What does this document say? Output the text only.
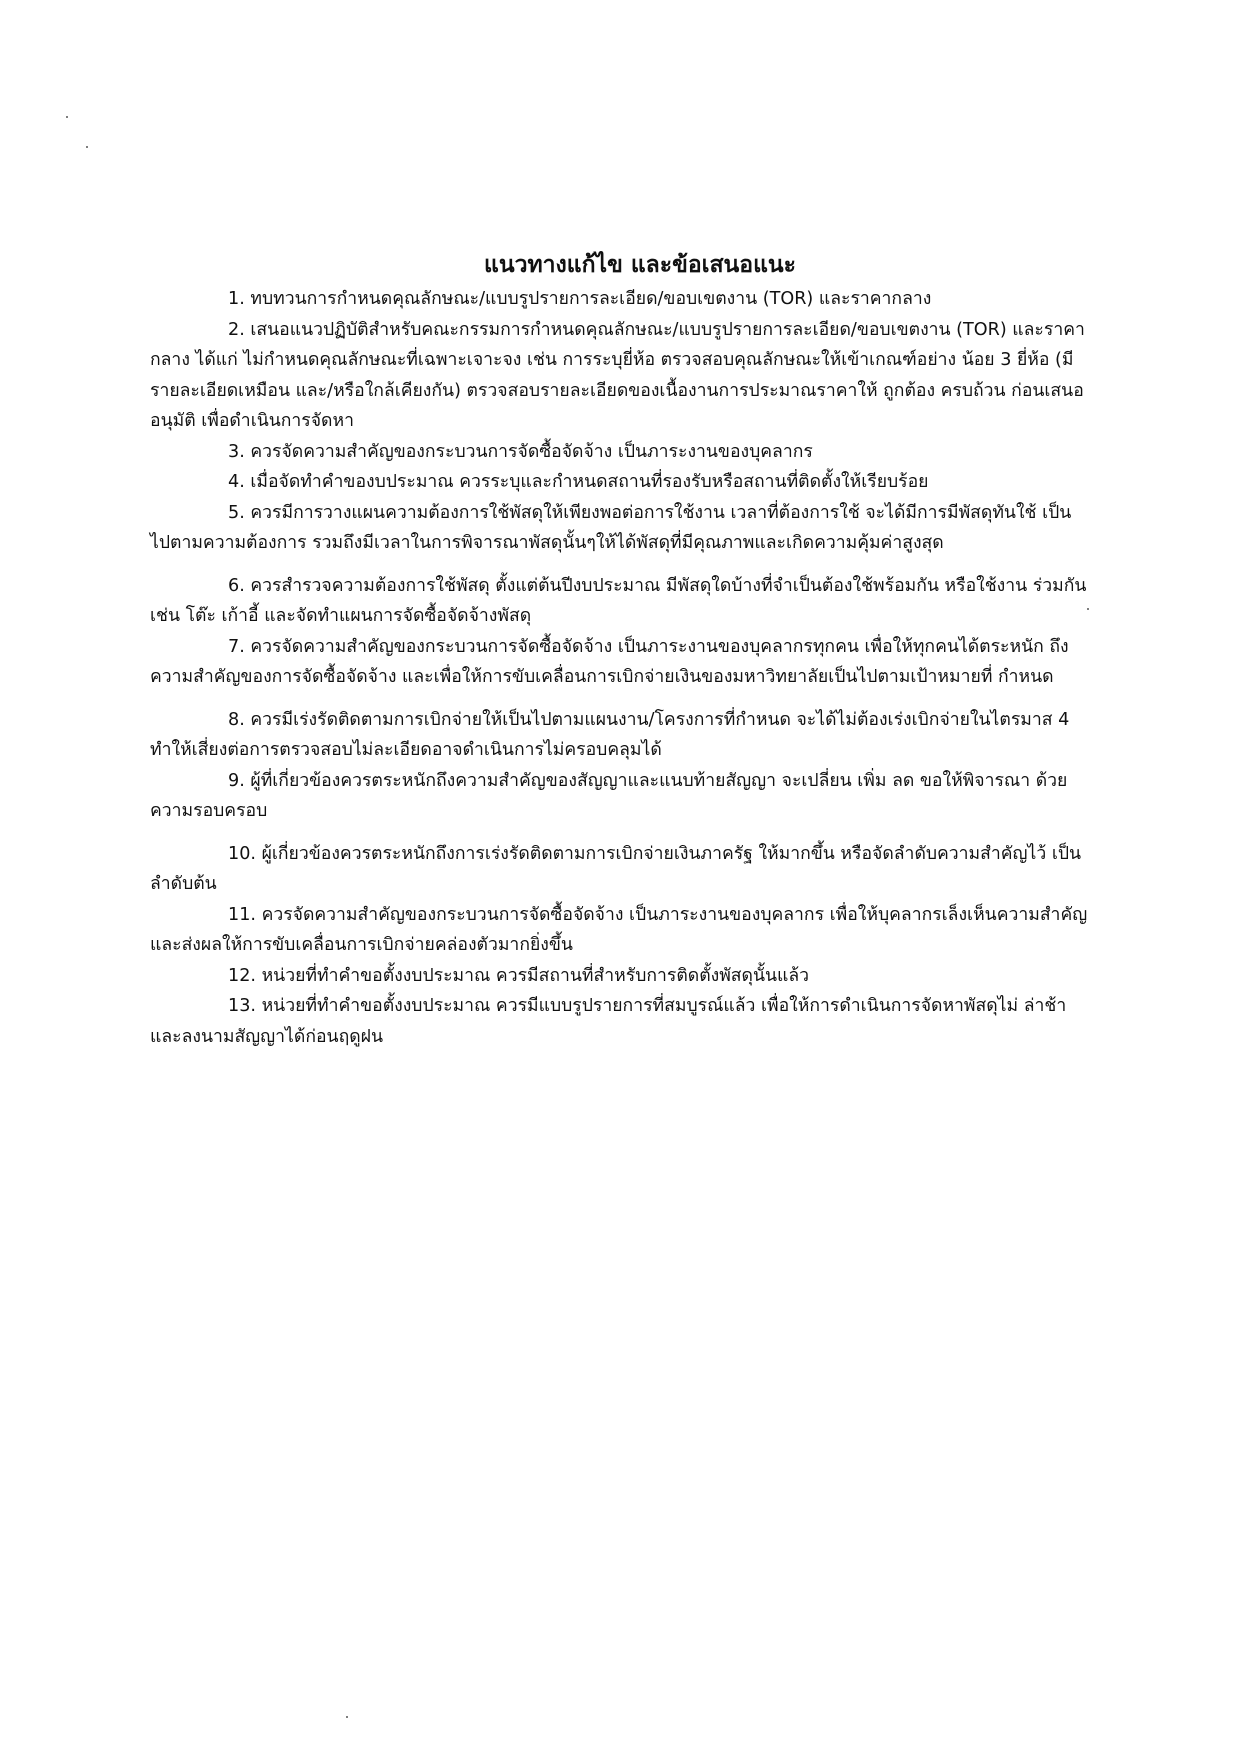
แนวทางแก้ไข และข้อเสนอแนะ

1. ทบทวนการกำหนดคุณลักษณะ/แบบรูปรายการละเอียด/ขอบเขตงาน (TOR) และราคากลาง

2. เสนอแนวปฏิบัติสำหรับคณะกรรมการกำหนดคุณลักษณะ/แบบรูปรายการละเอียด/ขอบเขตงาน (TOR) และราคากลาง ได้แก่ ไม่กำหนดคุณลักษณะที่เฉพาะเจาะจง เช่น การระบุยี่ห้อ ตรวจสอบคุณลักษณะให้เข้าเกณฑ์อย่าง น้อย 3 ยี่ห้อ (มีรายละเอียดเหมือน และ/หรือใกล้เคียงกัน) ตรวจสอบรายละเอียดของเนื้องานการประมาณราคาให้ ถูกต้อง ครบถ้วน ก่อนเสนออนุมัติ เพื่อดำเนินการจัดหา

3. ควรจัดความสำคัญของกระบวนการจัดซื้อจัดจ้าง เป็นภาระงานของบุคลากร

4. เมื่อจัดทำคำของบประมาณ ควรระบุและกำหนดสถานที่รองรับหรือสถานที่ติดตั้งให้เรียบร้อย

5. ควรมีการวางแผนความต้องการใช้พัสดุให้เพียงพอต่อการใช้งาน เวลาที่ต้องการใช้ จะได้มีการมีพัสดุทันใช้ เป็นไปตามความต้องการ รวมถึงมีเวลาในการพิจารณาพัสดุนั้นๆให้ได้พัสดุที่มีคุณภาพและเกิดความคุ้มค่าสูงสุด

6. ควรสำรวจความต้องการใช้พัสดุ ตั้งแต่ต้นปีงบประมาณ มีพัสดุใดบ้างที่จำเป็นต้องใช้พร้อมกัน หรือใช้งาน ร่วมกัน เช่น โต๊ะ เก้าอี้ และจัดทำแผนการจัดซื้อจัดจ้างพัสดุ

7. ควรจัดความสำคัญของกระบวนการจัดซื้อจัดจ้าง เป็นภาระงานของบุคลากรทุกคน เพื่อให้ทุกคนได้ตระหนัก ถึงความสำคัญของการจัดซื้อจัดจ้าง และเพื่อให้การขับเคลื่อนการเบิกจ่ายเงินของมหาวิทยาลัยเป็นไปตามเป้าหมายที่ กำหนด

8. ควรมีเร่งรัดติดตามการเบิกจ่ายให้เป็นไปตามแผนงาน/โครงการที่กำหนด จะได้ไม่ต้องเร่งเบิกจ่ายในไตรมาส 4 ทำให้เสี่ยงต่อการตรวจสอบไม่ละเอียดอาจดำเนินการไม่ครอบคลุมได้

9. ผู้ที่เกี่ยวข้องควรตระหนักถึงความสำคัญของสัญญาและแนบท้ายสัญญา จะเปลี่ยน เพิ่ม ลด ขอให้พิจารณา ด้วยความรอบครอบ

10. ผู้เกี่ยวข้องควรตระหนักถึงการเร่งรัดติดตามการเบิกจ่ายเงินภาครัฐ ให้มากขึ้น หรือจัดลำดับความสำคัญไว้ เป็นลำดับต้น

11. ควรจัดความสำคัญของกระบวนการจัดซื้อจัดจ้าง เป็นภาระงานของบุคลากร เพื่อให้บุคลากรเล็งเห็นความสำคัญ และส่งผลให้การขับเคลื่อนการเบิกจ่ายคล่องตัวมากยิ่งขึ้น

12. หน่วยที่ทำคำขอตั้งงบประมาณ ควรมีสถานที่สำหรับการติดตั้งพัสดุนั้นแล้ว

13. หน่วยที่ทำคำขอตั้งงบประมาณ ควรมีแบบรูปรายการที่สมบูรณ์แล้ว เพื่อให้การดำเนินการจัดหาพัสดุไม่ ล่าช้า และลงนามสัญญาได้ก่อนฤดูฝน
